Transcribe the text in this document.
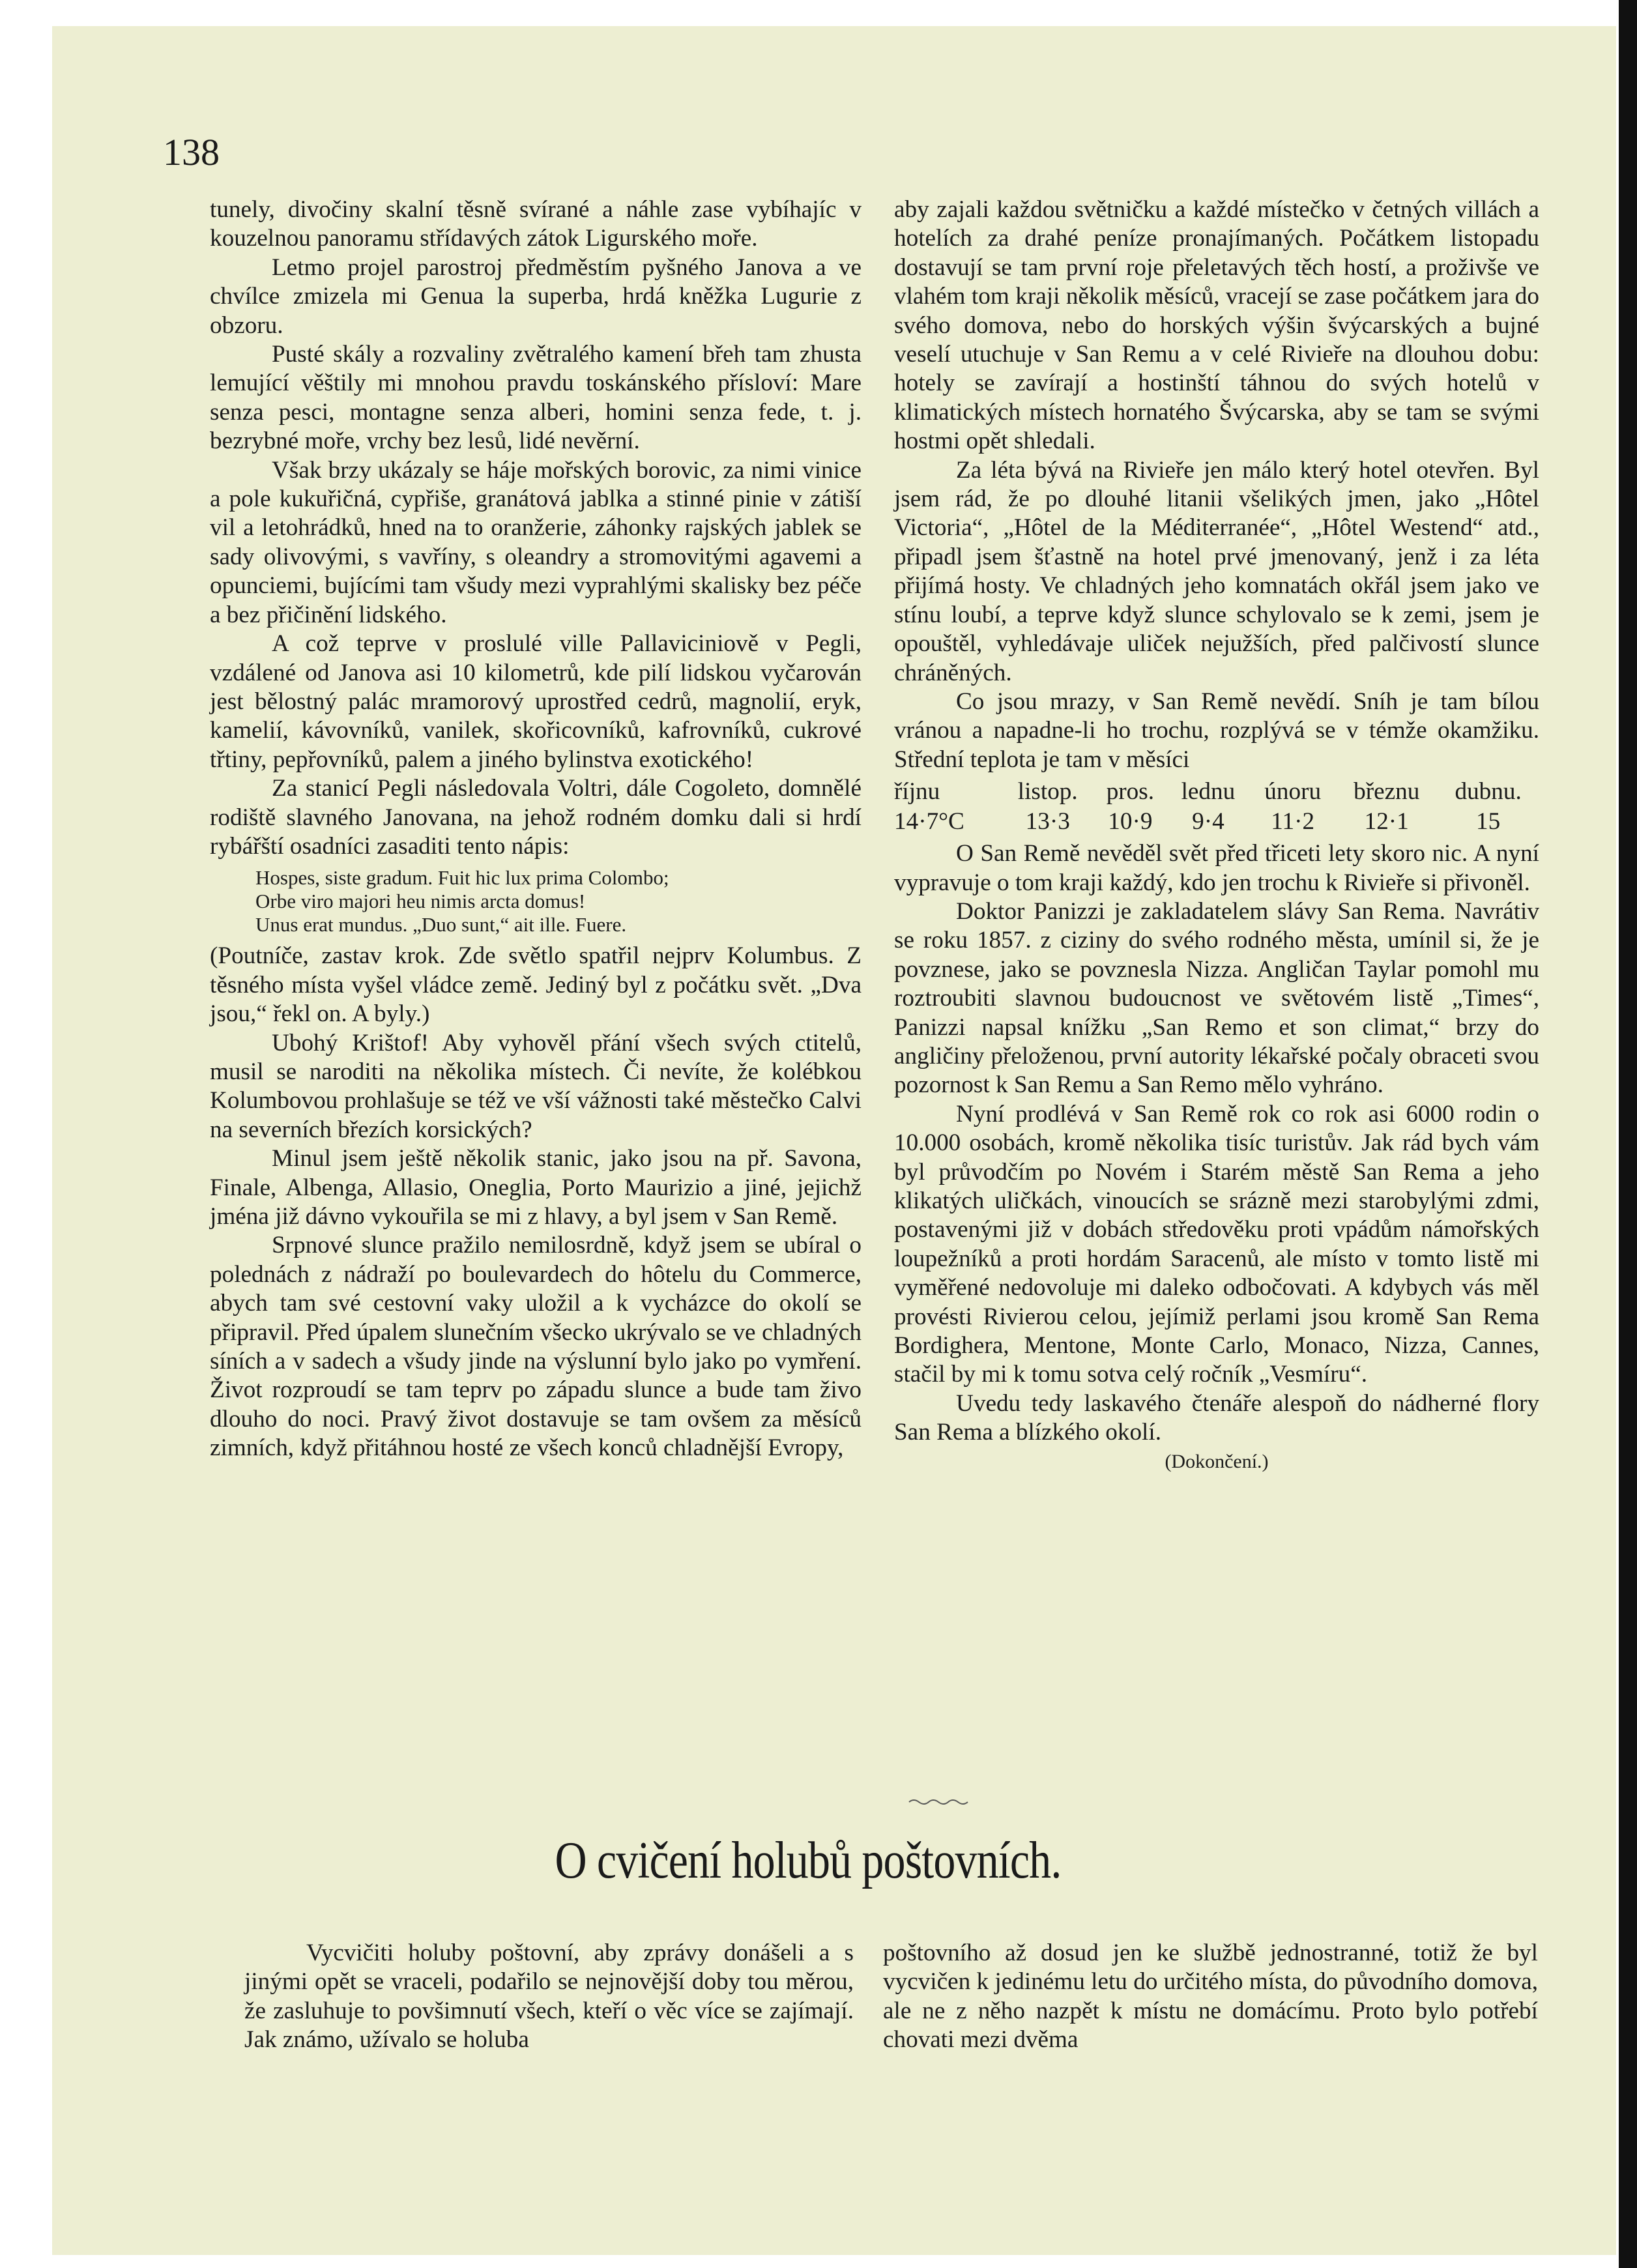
138

tunely, divočiny skalní těsně svírané a náhle zase vybíhajíc v kouzelnou panoramu střídavých zátok Ligurského moře.

Letmo projel parostroj předměstím pyšného Janova a ve chvílce zmizela mi Genua la superba, hrdá kněžka Lugurie z obzoru.

Pusté skály a rozvaliny zvětralého kamení břeh tam zhusta lemující věštily mi mnohou pravdu toskánského přísloví: Mare senza pesci, montagne senza alberi, homini senza fede, t. j. bezrybné moře, vrchy bez lesů, lidé nevěrní.

Však brzy ukázaly se háje mořských borovic, za nimi vinice a pole kukuřičná, cypřiše, granátová jablka a stinné pinie v zátiší vil a letohrádků, hned na to oranžerie, záhonky rajských jablek se sady olivovými, s vavříny, s oleandry a stromovitými agavemi a opunciemi, bujícími tam všudy mezi vyprahlými skalisky bez péče a bez přičinění lidského.

A což teprve v proslulé ville Pallaviciniově v Pegli, vzdálené od Janova asi 10 kilometrů, kde pilí lidskou vyčarován jest bělostný palác mramorový uprostřed cedrů, magnolií, eryk, kamelií, kávovníků, vanilek, skořicovníků, kafrovníků, cukrové třtiny, pepřovníků, palem a jiného bylinstva exotického!

Za stanicí Pegli následovala Voltri, dále Cogoleto, domnělé rodiště slavného Janovana, na jehož rodném domku dali si hrdí rybářští osadníci zasaditi tento nápis:

Hospes, siste gradum. Fuit hic lux prima Colombo;

Orbe viro majori heu nimis arcta domus!

Unus erat mundus. „Duo sunt,“ ait ille. Fuere.

(Poutníče, zastav krok. Zde světlo spatřil nejprv Kolumbus. Z těsného místa vyšel vládce země. Jediný byl z počátku svět. „Dva jsou,“ řekl on. A byly.)

Ubohý Krištof! Aby vyhověl přání všech svých ctitelů, musil se naroditi na několika místech. Či nevíte, že kolébkou Kolumbovou prohlašuje se též ve vší vážnosti také městečko Calvi na severních březích korsických?

Minul jsem ještě několik stanic, jako jsou na př. Savona, Finale, Albenga, Allasio, Oneglia, Porto Maurizio a jiné, jejichž jména již dávno vykouřila se mi z hlavy, a byl jsem v San Remě.

Srpnové slunce pražilo nemilosrdně, když jsem se ubíral o polednách z nádraží po boulevardech do hôtelu du Commerce, abych tam své cestovní vaky uložil a k vycházce do okolí se připravil. Před úpalem slunečním všecko ukrývalo se ve chladných síních a v sadech a všudy jinde na výslunní bylo jako po vymření. Život rozproudí se tam teprv po západu slunce a bude tam živo dlouho do noci. Pravý život dostavuje se tam ovšem za měsíců zimních, když přitáhnou hosté ze všech konců chladnější Evropy,

aby zajali každou světničku a každé místečko v četných villách a hotelích za drahé peníze pronajímaných. Počátkem listopadu dostavují se tam první roje přeletavých těch hostí, a proživše ve vlahém tom kraji několik měsíců, vracejí se zase počátkem jara do svého domova, nebo do horských výšin švýcarských a bujné veselí utuchuje v San Remu a v celé Rivieře na dlouhou dobu: hotely se zavírají a hostinští táhnou do svých hotelů v klimatických místech hornatého Švýcarska, aby se tam se svými hostmi opět shledali.

Za léta bývá na Rivieře jen málo který hotel otevřen. Byl jsem rád, že po dlouhé litanii všelikých jmen, jako „Hôtel Victoria“, „Hôtel de la Méditerranée“, „Hôtel Westend“ atd., připadl jsem šťastně na hotel prvé jmenovaný, jenž i za léta přijímá hosty. Ve chladných jeho komnatách okřál jsem jako ve stínu loubí, a teprve když slunce schylovalo se k zemi, jsem je opouštěl, vyhledávaje uliček nejužších, před palčivostí slunce chráněných.

Co jsou mrazy, v San Remě nevědí. Sníh je tam bílou vránou a napadne-li ho trochu, rozplývá se v témže okamžiku. Střední teplota je tam v měsíci

říjnu	listop.	pros.	lednu	únoru	březnu	dubnu.
14·7°C	13·3	10·9	9·4	11·2	12·1	15

O San Remě nevěděl svět před třiceti lety skoro nic. A nyní vypravuje o tom kraji každý, kdo jen trochu k Rivieře si přivoněl.

Doktor Panizzi je zakladatelem slávy San Rema. Navrátiv se roku 1857. z ciziny do svého rodného města, umínil si, že je povznese, jako se povznesla Nizza. Angličan Taylar pomohl mu roztroubiti slavnou budoucnost ve světovém listě „Times“, Panizzi napsal knížku „San Remo et son climat,“ brzy do angličiny přeloženou, první autority lékařské počaly obraceti svou pozornost k San Remu a San Remo mělo vyhráno.

Nyní prodlévá v San Remě rok co rok asi 6000 rodin o 10.000 osobách, kromě několika tisíc turistův. Jak rád bych vám byl průvodčím po Novém i Starém městě San Rema a jeho klikatých uličkách, vinoucích se srázně mezi starobylými zdmi, postavenými již v dobách středověku proti vpádům námořských loupežníků a proti hordám Saracenů, ale místo v tomto listě mi vyměřené nedovoluje mi daleko odbočovati. A kdybych vás měl provésti Rivierou celou, jejímiž perlami jsou kromě San Rema Bordighera, Mentone, Monte Carlo, Monaco, Nizza, Cannes, stačil by mi k tomu sotva celý ročník „Vesmíru“.

Uvedu tedy laskavého čtenáře alespoň do nádherné flory San Rema a blízkého okolí.

(Dokončení.)

O cvičení holubů poštovních.

Vycvičiti holuby poštovní, aby zprávy donášeli a s jinými opět se vraceli, podařilo se nejnovější doby tou měrou, že zasluhuje to povšimnutí všech, kteří o věc více se zajímají. Jak známo, užívalo se holuba

poštovního až dosud jen ke službě jednostranné, totiž že byl vycvičen k jedinému letu do určitého místa, do původního domova, ale ne z něho nazpět k místu ne domácímu. Proto bylo potřebí chovati mezi dvěma
